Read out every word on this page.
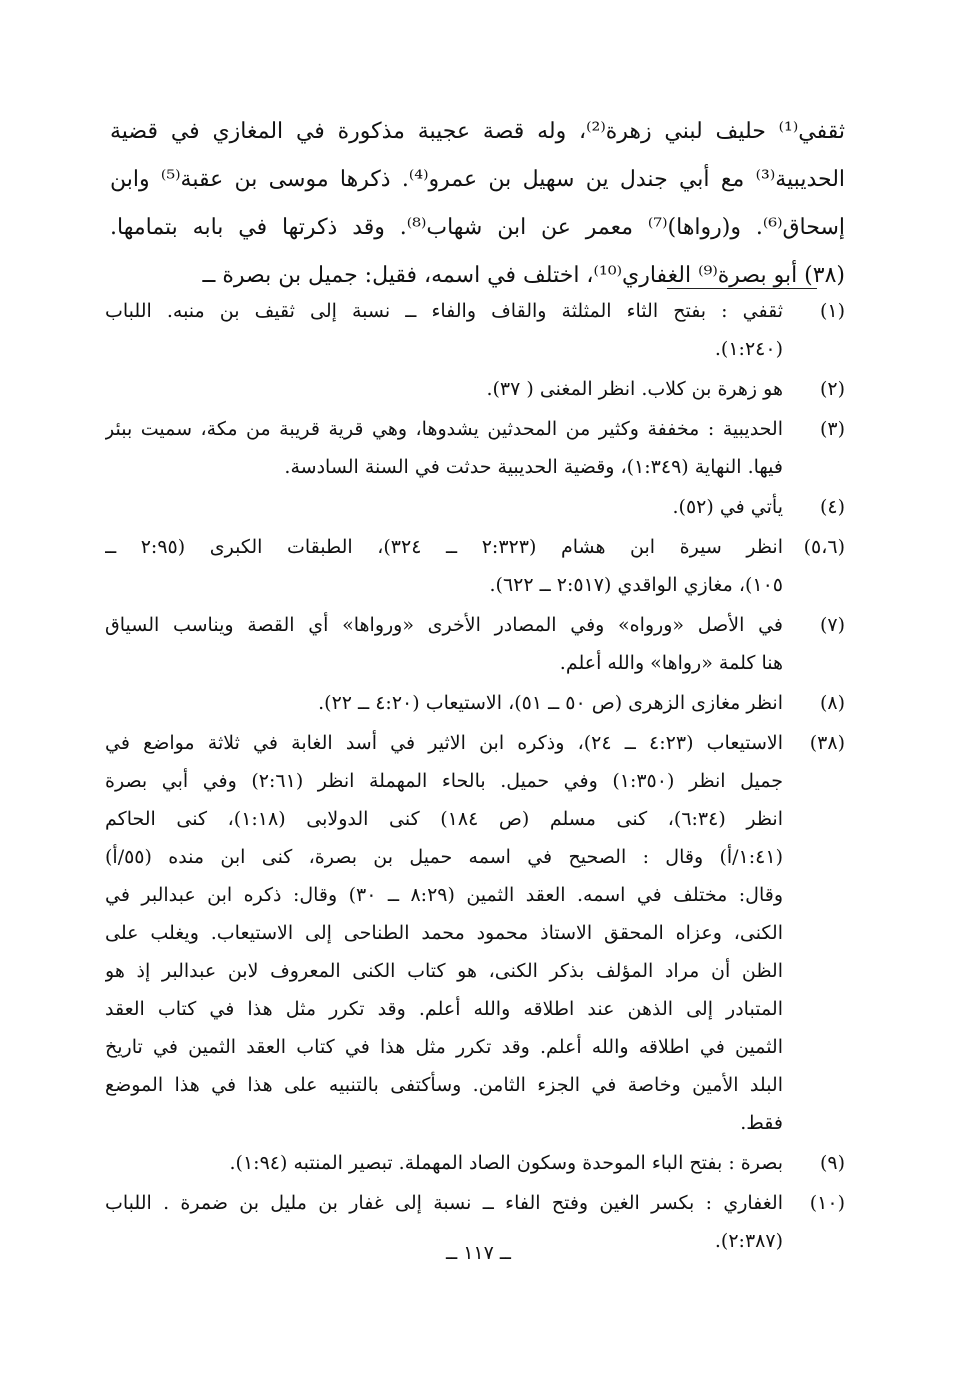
ثقفي⁽¹⁾ حليف لبني زهرة⁽²⁾، وله قصة عجيبة مذكورة في المغازي في قضية
الحديبية⁽³⁾ مع أبي جندل ين سهيل بن عمرو⁽⁴⁾. ذكرها موسى بن عقبة⁽⁵⁾ وابن
إسحاق⁽⁶⁾. و(رواها)⁽⁷⁾ معمر عن ابن شهاب⁽⁸⁾. وقد ذكرتها في بابه بتمامها.
(٣٨) أبو بصرة⁽⁹⁾ الغفاري⁽¹⁰⁾، اختلف في اسمه، فقيل: جميل بن بصرة ــ
(١)
ثقفي : بفتح الثاء المثلثة والقاف والفاء ــ نسبة إلى ثقيف بن منبه. اللباب
(١:٢٤٠).
(٢)
هو زهرة بن كلاب. انظر المغنى ( ٣٧).
(٣)
الحديبية : مخففة وكثير من المحدثين يشدوها، وهي قرية قريبة من مكة، سميت ببئر
فيها. النهاية (١:٣٤٩)، وقضية الحديبية حدثت في السنة السادسة.
(٤)
يأتي في (٥٢).
(٥،٦)
انظر سيرة ابن هشام (٢:٣٢٣ ــ ٣٢٤)، الطبقات الكبرى (٢:٩٥ ــ
١٠٥)، مغازي الواقدي (٢:٥١٧ ــ ٦٢٢).
(٧)
في الأصل «ورواه» وفي المصادر الأخرى «ورواها» أي القصة ويناسب السياق
هنا كلمة «رواها» والله أعلم.
(٨)
انظر مغازى الزهرى (ص ٥٠ ــ ٥١)، الاستيعاب (٤:٢٠ ــ ٢٢).
(٣٨)
الاستيعاب (٤:٢٣ ــ ٢٤)، وذكره ابن الاثير في أسد الغابة في ثلاثة مواضع في
جميل انظر (١:٣٥٠) وفي حميل. بالحاء المهملة انظر (٢:٦١) وفي أبي بصرة
انظر (٦:٣٤)، كنى مسلم (ص ١٨٤) كنى الدولابى (١:١٨)، كنى الحاكم
(١:٤١/أ) وقال : الصحيح في اسمه حميل بن بصرة، كنى ابن منده (٥٥/أ)
وقال: مختلف في اسمه. العقد الثمين (٨:٢٩ ــ ٣٠) وقال: ذكره ابن عبدالبر في
الكنى، وعزاه المحقق الاستاذ محمود محمد الطناحى إلى الاستيعاب. ويغلب على
الظن أن مراد المؤلف بذكر الكنى، هو كتاب الكنى المعروف لابن عبدالبر إذ هو
المتبادر إلى الذهن عند اطلاقه والله أعلم. وقد تكرر مثل هذا في كتاب العقد
الثمين في اطلاقه والله أعلم. وقد تكرر مثل هذا في كتاب العقد الثمين في تاريخ
البلد الأمين وخاصة في الجزء الثامن. وسأكتفى بالتنبيه على هذا في هذا الموضع
فقط.
(٩)
بصرة : بفتح الباء الموحدة وسكون الصاد المهملة. تبصير المنتبه (١:٩٤).
(١٠)
الغفاري : بكسر الغين وفتح الفاء ــ نسبة إلى غفار بن مليل بن ضمرة . اللباب
(٢:٣٨٧).
ــ ١١٧ ــ
